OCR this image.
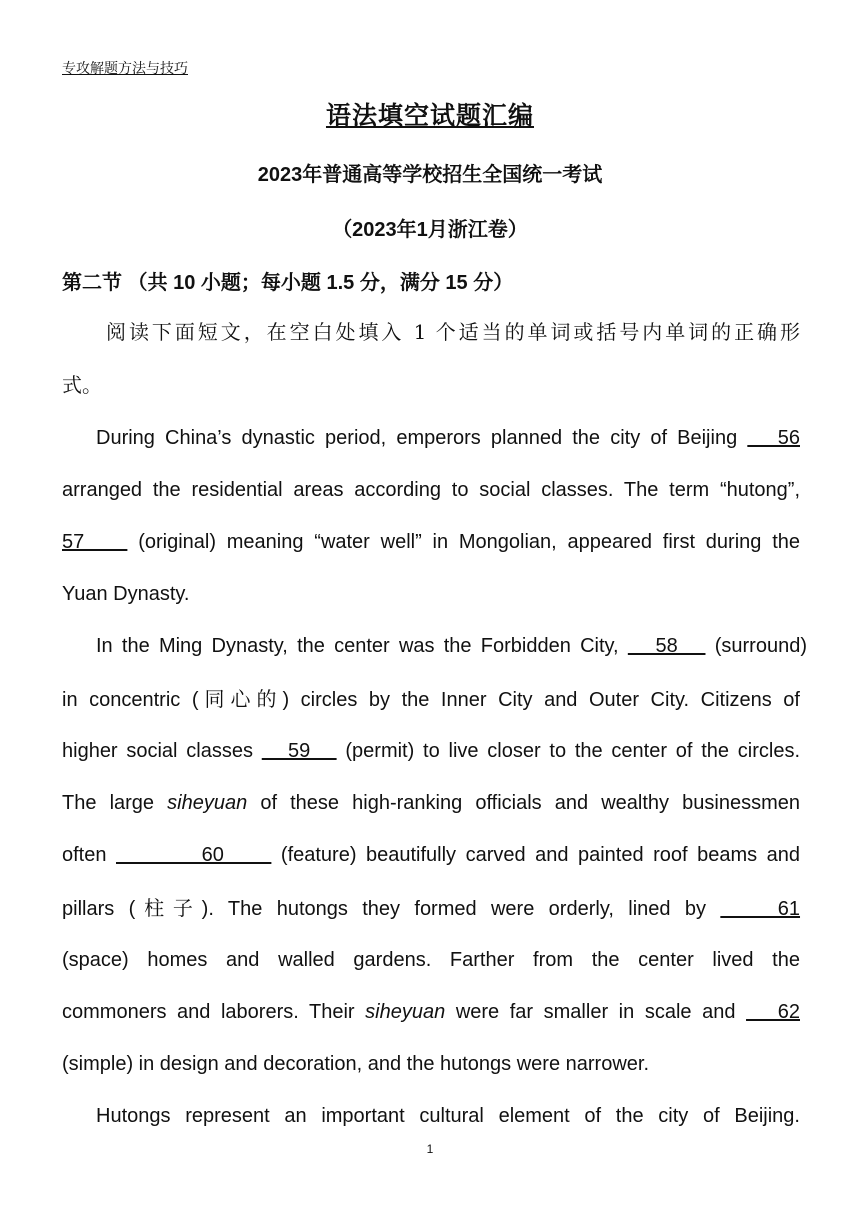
专攻解题方法与技巧
语法填空试题汇编
2023年普通高等学校招生全国统一考试
（2023年1月浙江卷）
第二节 （共 10 小题；每小题 1.5 分，满分 15 分）
阅读下面短文，在空白处填入 1 个适当的单词或括号内单词的正确形
式。
During China’s dynastic period, emperors planned the city of Beijing    56
arranged the residential areas according to social classes. The term “hutong”,
57     (original) meaning “water well” in Mongolian, appeared first during the
Yuan Dynasty.
In the Ming Dynasty, the center was the Forbidden City,    58    (surround)
in concentric (同心的) circles by the Inner City and Outer City. Citizens of
higher social classes    59    (permit) to live closer to the center of the circles.
The large siheyuan of these high-ranking officials and wealthy businessmen
often          60      (feature) beautifully carved and painted roof beams and
pillars (柱子). The hutongs they formed were orderly, lined by     61
(space) homes and walled gardens. Farther from the center lived the
commoners and laborers. Their siheyuan were far smaller in scale and    62
(simple) in design and decoration, and the hutongs were narrower.
Hutongs represent an important cultural element of the city of Beijing.
1
